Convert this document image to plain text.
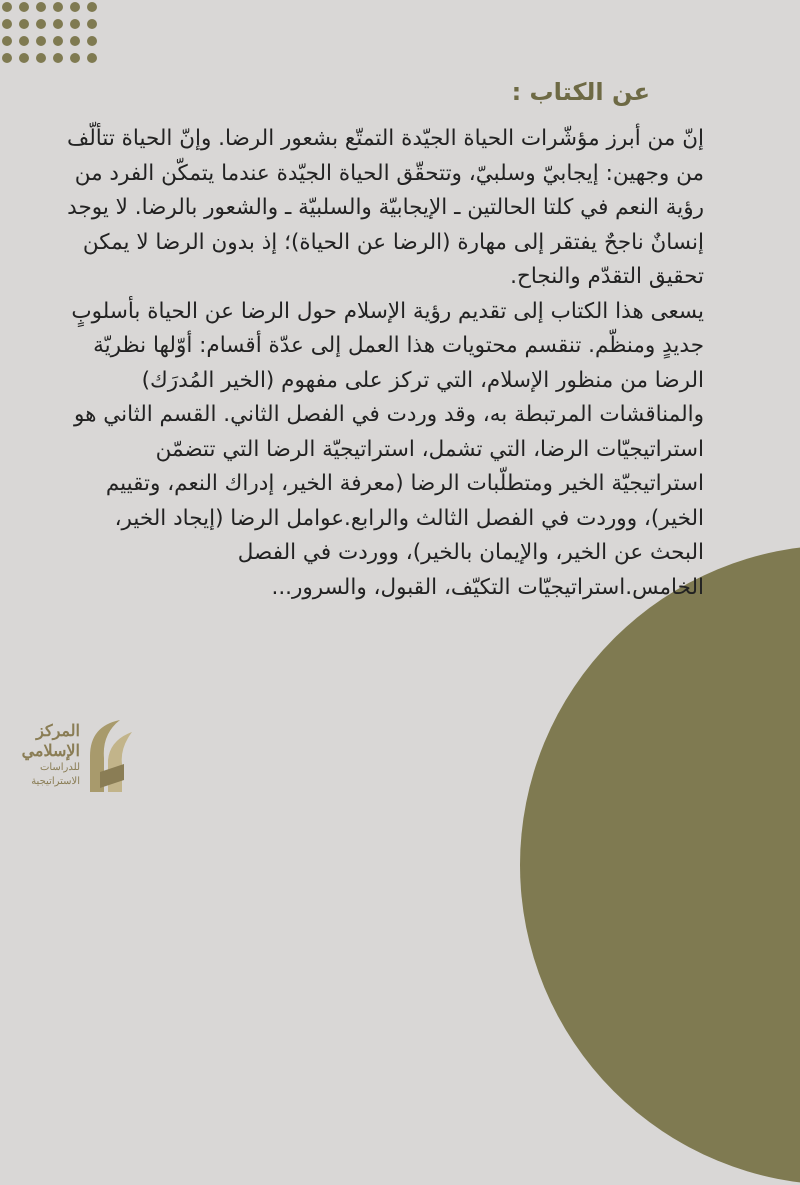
عن الكتاب :

إنّ من أبرز مؤشّرات الحياة الجيّدة التمتّع بشعور الرضا. وإنّ الحياة تتألّف من وجهين: إيجابيّ وسلبيّ، وتتحقّق الحياة الجيّدة عندما يتمكّن الفرد من رؤية النعم في كلتا الحالتين ـ الإيجابيّة والسلبيّة ـ والشعور بالرضا. لا يوجد إنسانٌ ناجحٌ يفتقر إلى مهارة (الرضا عن الحياة)؛ إذ بدون الرضا لا يمكن تحقيق التقدّم والنجاح.

يسعى هذا الكتاب إلى تقديم رؤية الإسلام حول الرضا عن الحياة بأسلوبٍ جديدٍ ومنظّم. تنقسم محتويات هذا العمل إلى عدّة أقسام: أوّلها نظريّة الرضا من منظور الإسلام، التي تركز على مفهوم (الخير المُدرَك) والمناقشات المرتبطة به، وقد وردت في الفصل الثاني. القسم الثاني هو استراتيجيّات الرضا، التي تشمل، استراتيجيّة الرضا التي تتضمّن استراتيجيّة الخير ومتطلّبات الرضا (معرفة الخير، إدراك النعم، وتقييم الخير)، ووردت في الفصل الثالث والرابع.عوامل الرضا (إيجاد الخير، البحث عن الخير، والإيمان بالخير)، ووردت في الفصل الخامس.استراتيجيّات التكيّف، القبول، والسرور...

المركز الإسلامي
للدراسات الاستراتيجية
